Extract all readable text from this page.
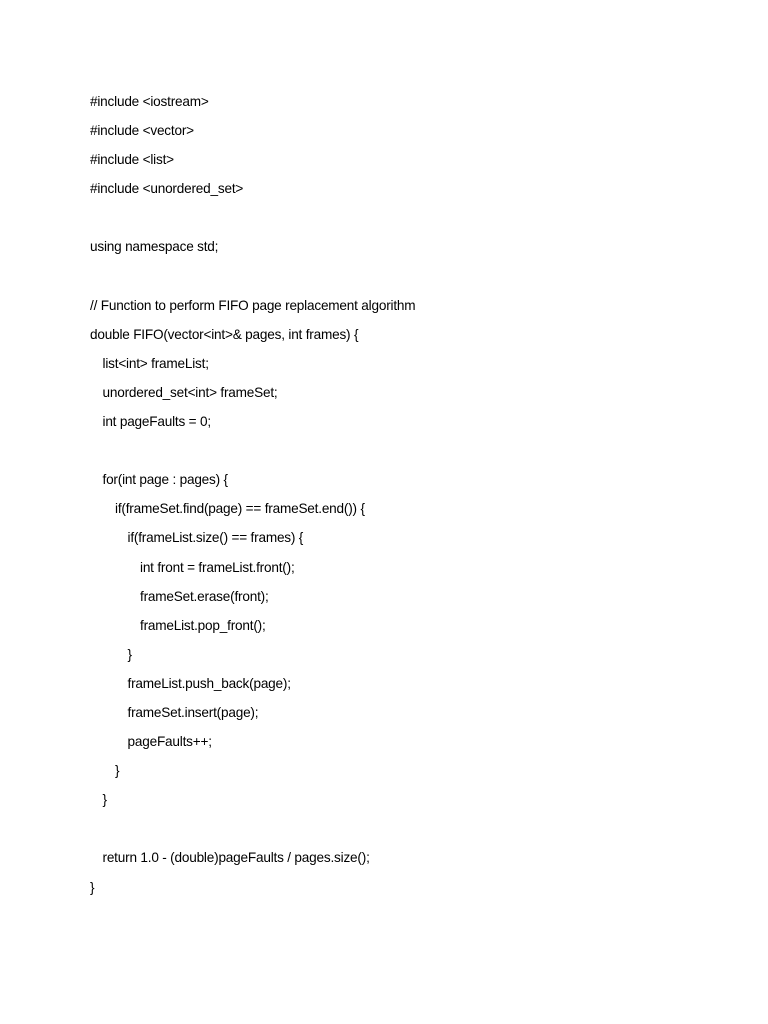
#include <iostream>
#include <vector>
#include <list>
#include <unordered_set>
using namespace std;
// Function to perform FIFO page replacement algorithm
double FIFO(vector<int>& pages, int frames) {
list<int> frameList;
unordered_set<int> frameSet;
int pageFaults = 0;
for(int page : pages) {
if(frameSet.find(page) == frameSet.end()) {
if(frameList.size() == frames) {
int front = frameList.front();
frameSet.erase(front);
frameList.pop_front();
}
frameList.push_back(page);
frameSet.insert(page);
pageFaults++;
}
}
return 1.0 - (double)pageFaults / pages.size();
}
